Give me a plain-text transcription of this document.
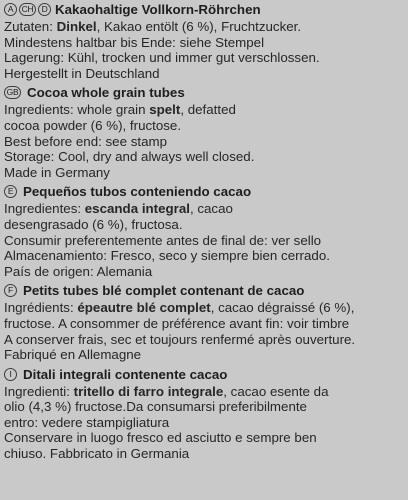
A CH D Kakaohaltige Vollkorn-Röhrchen
Zutaten: Dinkel, Kakao entölt (6 %), Fruchtzucker.
Mindestens haltbar bis Ende: siehe Stempel
Lagerung: Kühl, trocken und immer gut verschlossen.
Hergestellt in Deutschland
GB Cocoa whole grain tubes
Ingredients: whole grain spelt, defatted
cocoa powder (6 %), fructose.
Best before end: see stamp
Storage: Cool, dry and always well closed.
Made in Germany
E Pequeños tubos conteniendo cacao
Ingredientes: escanda integral, cacao
desengrasado (6 %), fructosa.
Consumir preferentemente antes de final de: ver sello
Almacenamiento: Fresco, seco y siempre bien cerrado.
País de origen: Alemania
F Petits tubes blé complet contenant de cacao
Ingrédients: épeautre blé complet, cacao dégraissé (6 %),
fructose. A consommer de préférence avant fin: voir timbre
A conserver frais, sec et toujours renfermé après ouverture.
Fabriqué en Allemagne
I Ditali integrali contenente cacao
Ingredienti: tritello di farro integrale, cacao esente da
olio (4,3 %) fructose.Da consumarsi preferibilmente
entro: vedere stampigliatura
Conservare in luogo fresco ed asciutto e sempre ben
chiuso. Fabbricato in Germania
